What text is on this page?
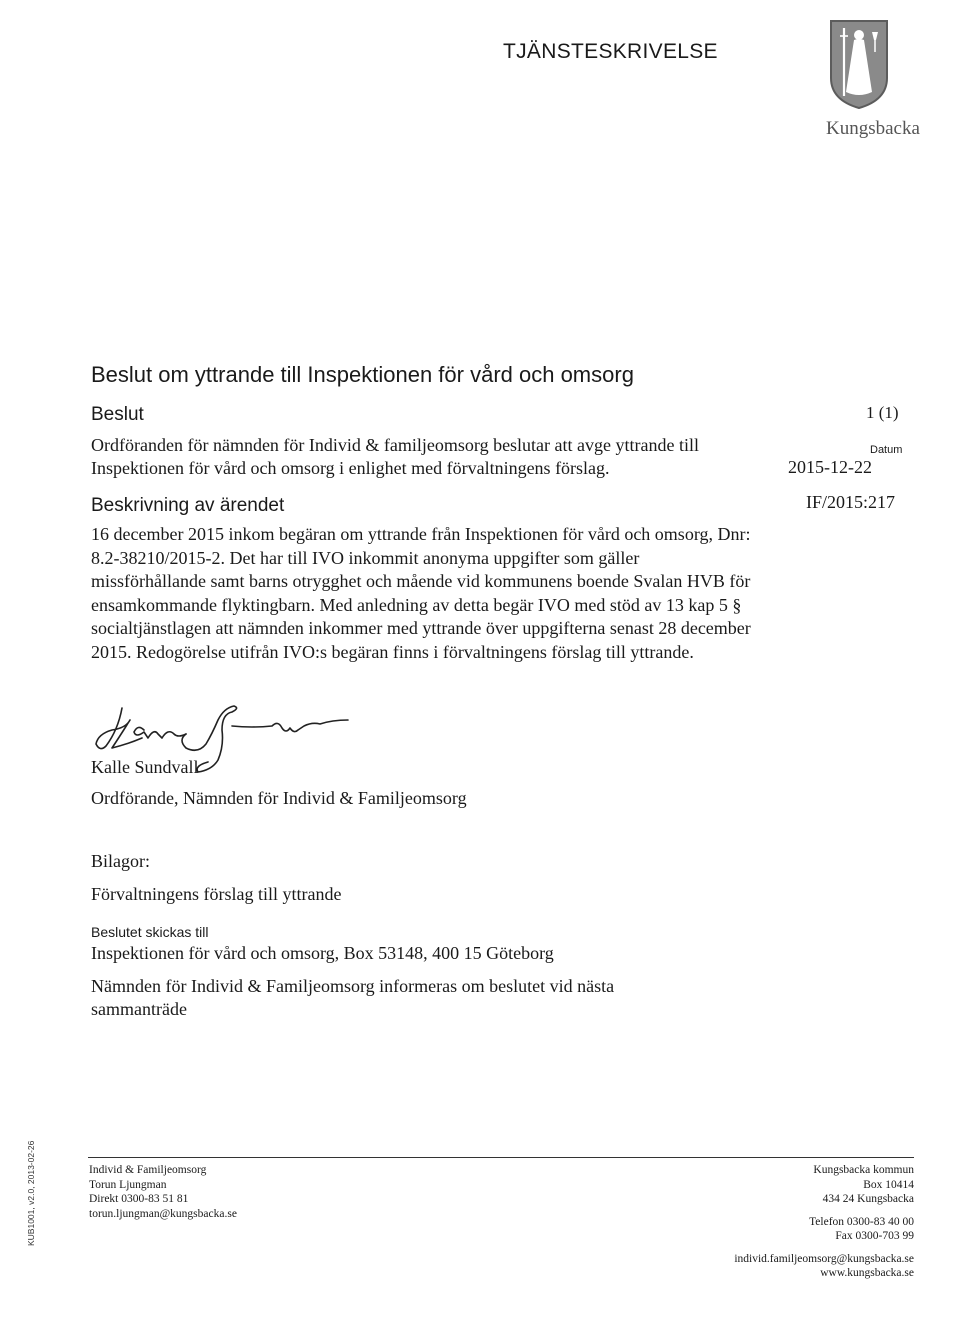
TJÄNSTESKRIVELSE
Kungsbacka
Beslut om yttrande till Inspektionen för vård och omsorg
Beslut
Ordföranden för nämnden för Individ & familjeomsorg beslutar att avge yttrande till Inspektionen för vård och omsorg i enlighet med förvaltningens förslag.
1 (1)
Datum
2015-12-22
IF/2015:217
Beskrivning av ärendet
16 december 2015 inkom begäran om yttrande från Inspektionen för vård och omsorg, Dnr: 8.2-38210/2015-2. Det har till IVO inkommit anonyma uppgifter som gäller missförhållande samt barns otrygghet och mående vid kommunens boende Svalan HVB för ensamkommande flyktingbarn. Med anledning av detta begär IVO med stöd av 13 kap 5 § socialtjänstlagen att nämnden inkommer med yttrande över uppgifterna senast 28 december 2015. Redogörelse utifrån IVO:s begäran finns i förvaltningens förslag till yttrande.
Kalle Sundvall
Ordförande, Nämnden för Individ & Familjeomsorg
Bilagor:
Förvaltningens förslag till yttrande
Beslutet skickas till
Inspektionen för vård och omsorg, Box 53148, 400 15 Göteborg
Nämnden för Individ & Familjeomsorg informeras om beslutet vid nästa sammanträde
KUB1001, v2.0, 2013-02-26	Individ & Familjeomsorg
Torun Ljungman
Direkt 0300-83 51 81
torun.ljungman@kungsbacka.se
Kungsbacka kommun
Box 10414
434 24 Kungsbacka
Telefon 0300-83 40 00
Fax 0300-703 99
individ.familjeomsorg@kungsbacka.se
www.kungsbacka.se
